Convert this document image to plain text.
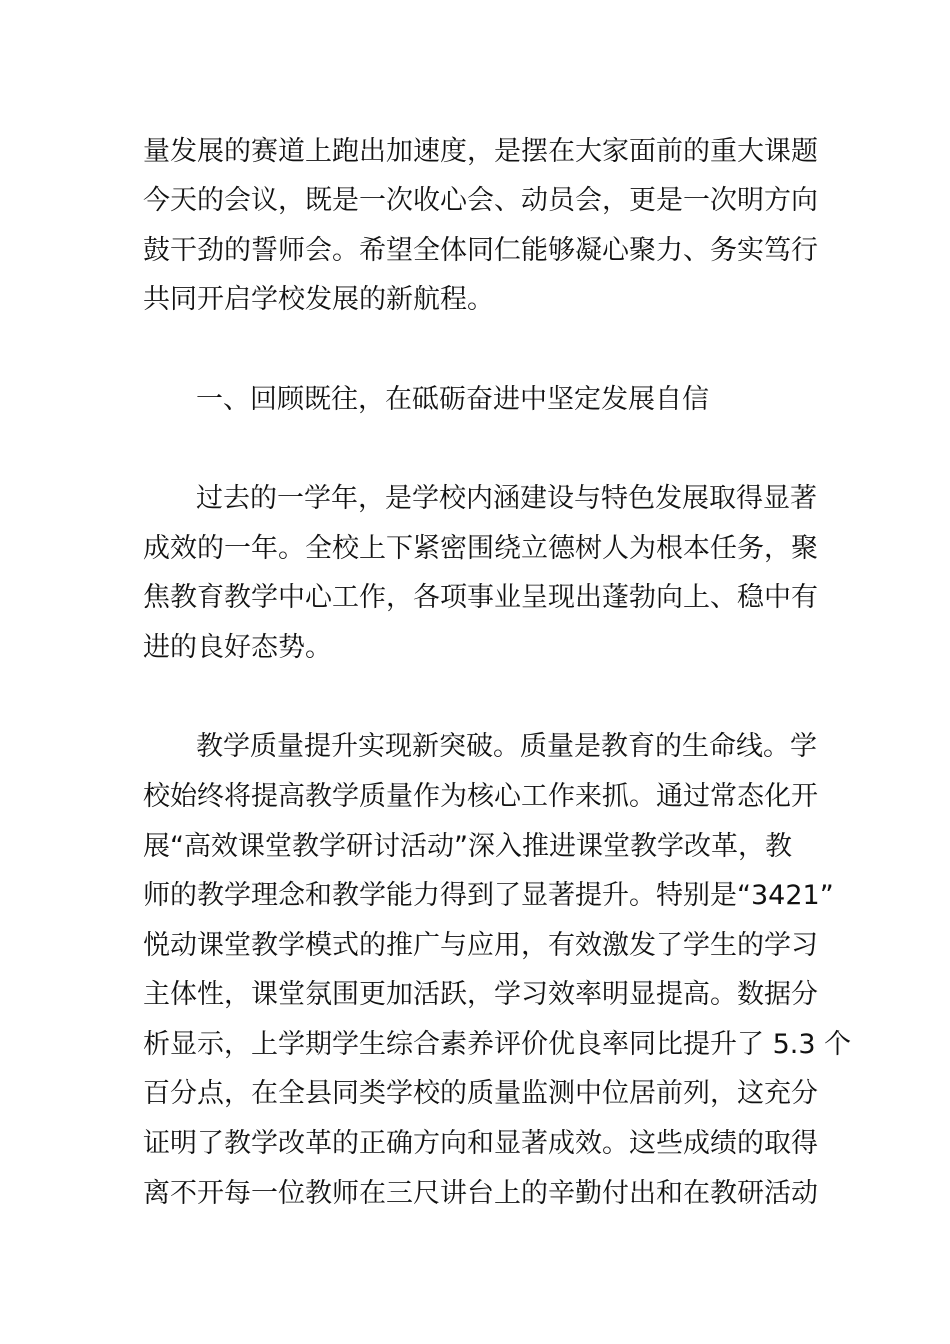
量发展的赛道上跑出加速度，是摆在大家面前的重大课题
今天的会议，既是一次收心会、动员会，更是一次明方向
鼓干劲的誓师会。希望全体同仁能够凝心聚力、务实笃行
共同开启学校发展的新航程。
一、回顾既往，在砥砺奋进中坚定发展自信
过去的一学年，是学校内涵建设与特色发展取得显著
成效的一年。全校上下紧密围绕立德树人为根本任务，聚
焦教育教学中心工作，各项事业呈现出蓬勃向上、稳中有
进的良好态势。
教学质量提升实现新突破。质量是教育的生命线。学
校始终将提高教学质量作为核心工作来抓。通过常态化开
展“高效课堂教学研讨活动”深入推进课堂教学改革，教
师的教学理念和教学能力得到了显著提升。特别是“3421”
悦动课堂教学模式的推广与应用，有效激发了学生的学习
主体性，课堂氛围更加活跃，学习效率明显提高。数据分
析显示，上学期学生综合素养评价优良率同比提升了 5.3 个
百分点，在全县同类学校的质量监测中位居前列，这充分
证明了教学改革的正确方向和显著成效。这些成绩的取得
离不开每一位教师在三尺讲台上的辛勤付出和在教研活动
